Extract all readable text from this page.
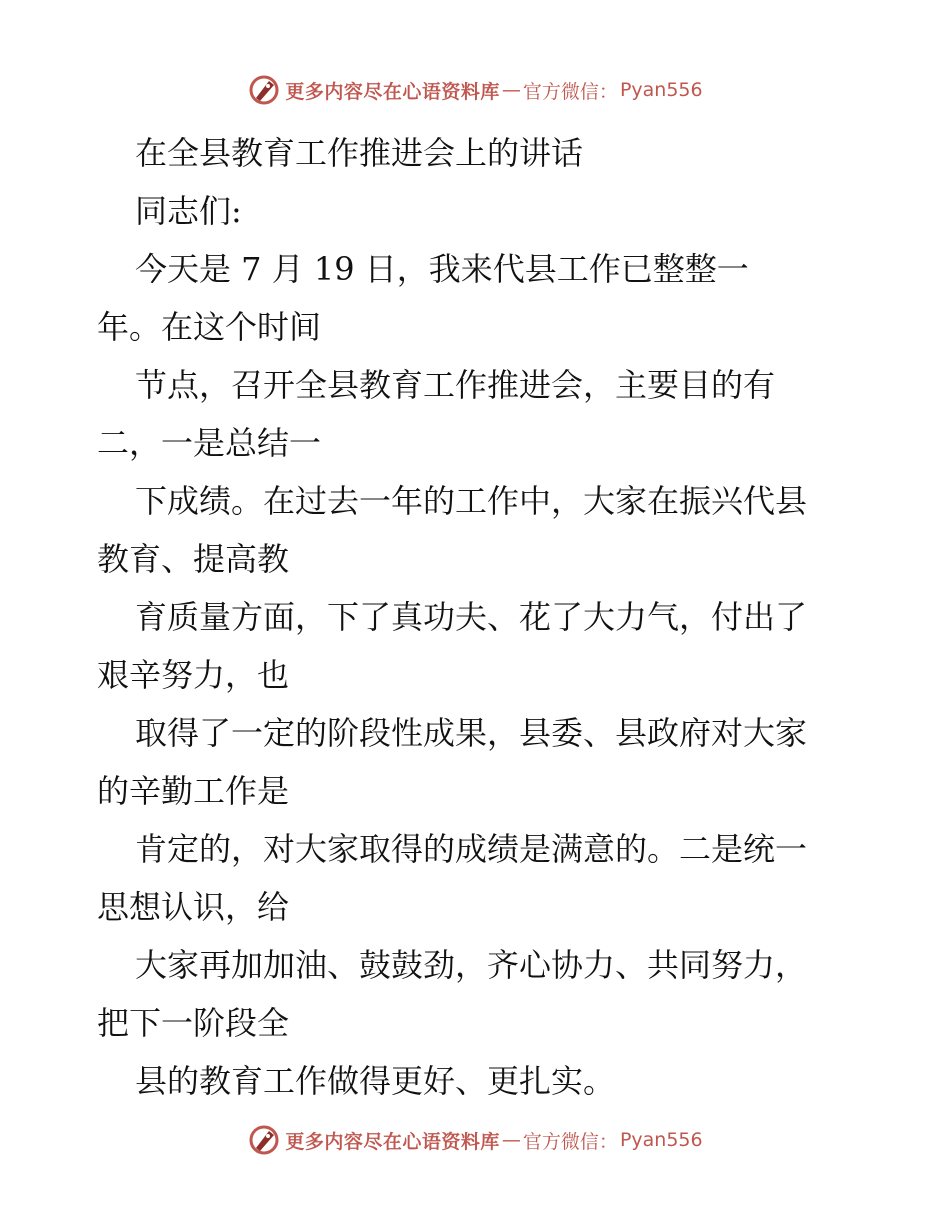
更多内容尽在心语资料库 — 官方微信： Pyan556
在全县教育工作推进会上的讲话
同志们:
今天是 7 月 19 日，我来代县工作已整整一
年。在这个时间
节点，召开全县教育工作推进会，主要目的有
二，一是总结一
下成绩。在过去一年的工作中，大家在振兴代县
教育、提高教
育质量方面，下了真功夫、花了大力气，付出了
艰辛努力，也
取得了一定的阶段性成果，县委、县政府对大家
的辛勤工作是
肯定的，对大家取得的成绩是满意的。二是统一
思想认识，给
大家再加加油、鼓鼓劲，齐心协力、共同努力，
把下一阶段全
县的教育工作做得更好、更扎实。
更多内容尽在心语资料库 — 官方微信： Pyan556
